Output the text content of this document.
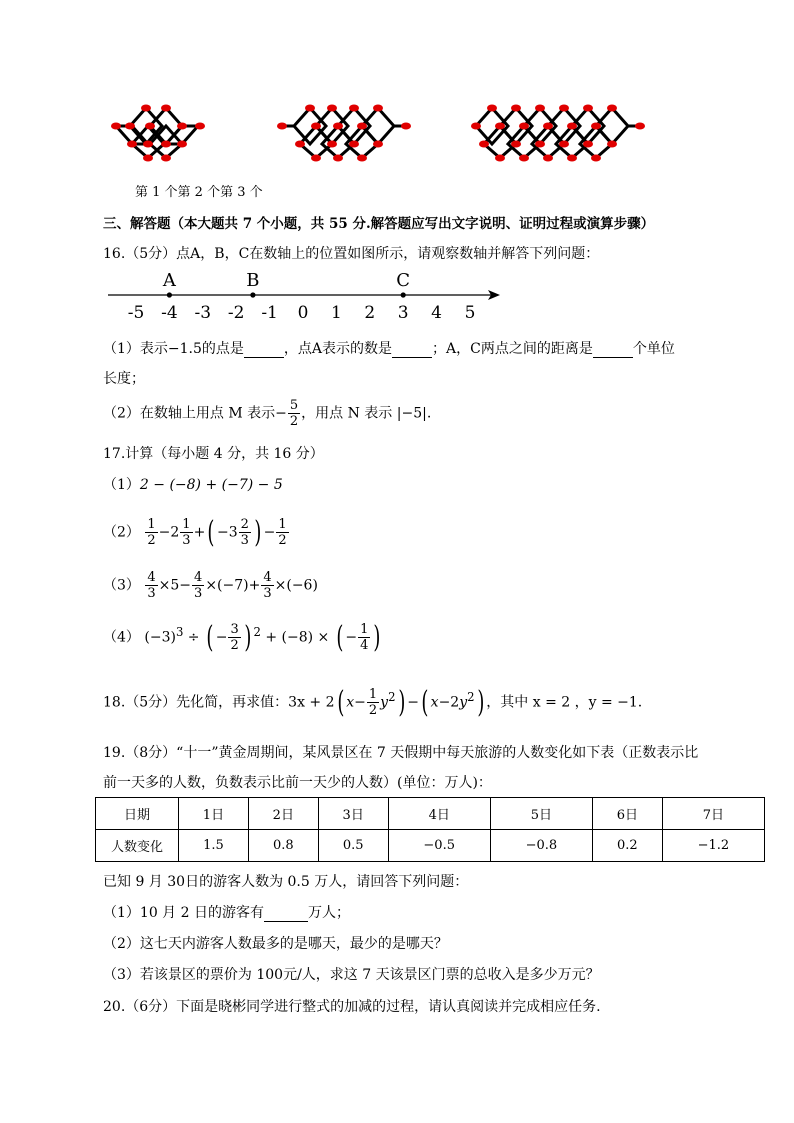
第 1 个第 2 个第 3 个
三、解答题（本大题共 7 个小题，共 55 分.解答题应写出文字说明、证明过程或演算步骤）
16.（5分）点A，B，C在数轴上的位置如图所示，请观察数轴并解答下列问题：
-5 -4 -3 -2 -1 0 1 2 3 4 5
A	B	C
（1）表示−1.5的点是	，点A表示的数是	；A，C两点之间的距离是	个单位
长度；
（2）在数轴上用点 M 表示− $\frac{5}{2}$ ，用点 N 表示 |−5|.
17.计算（每小题 4 分，共 16 分）
（1）2 − (−8) + (−7) − 5
$(2) \frac{1}{2} -2 \frac{1}{3}$ +( $-3 \frac{2}{3}$ ) − $\frac{1}{2}$
$(3) \frac{4}{3} \times 5- \frac{4}{3} \times(-7)+ \frac{4}{3} \times(-6)$
（4） $(-3)^3$ ÷ ( − $\frac{3}{2}$ ) $^2$ + (−8) × ( − $\frac{1}{4}$ )
18.（5分）先化简，再求值：3x + 2( $x- \frac{1}{2} y^2$) −( $x-2y^2$) ，其中 x = 2 ，y = −1.
19.（8分）“十一”黄金周期间，某风景区在 7 天假期中每天旅游的人数变化如下表（正数表示比
前一天多的人数，负数表示比前一天少的人数）(单位：万人)：
日期	1日	2日	3日	4日	5日	6日	7日
人数变化	1.5	0.8	0.5	−0.5	−0.8	0.2	−1.2
已知 9 月 30日的游客人数为 0.5 万人，请回答下列问题：
（1）10 月 2 日的游客有	万人；
（2）这七天内游客人数最多的是哪天，最少的是哪天？
（3）若该景区的票价为 100元/人，求这 7 天该景区门票的总收入是多少万元？
20.（6分）下面是晓彬同学进行整式的加减的过程，请认真阅读并完成相应任务.
